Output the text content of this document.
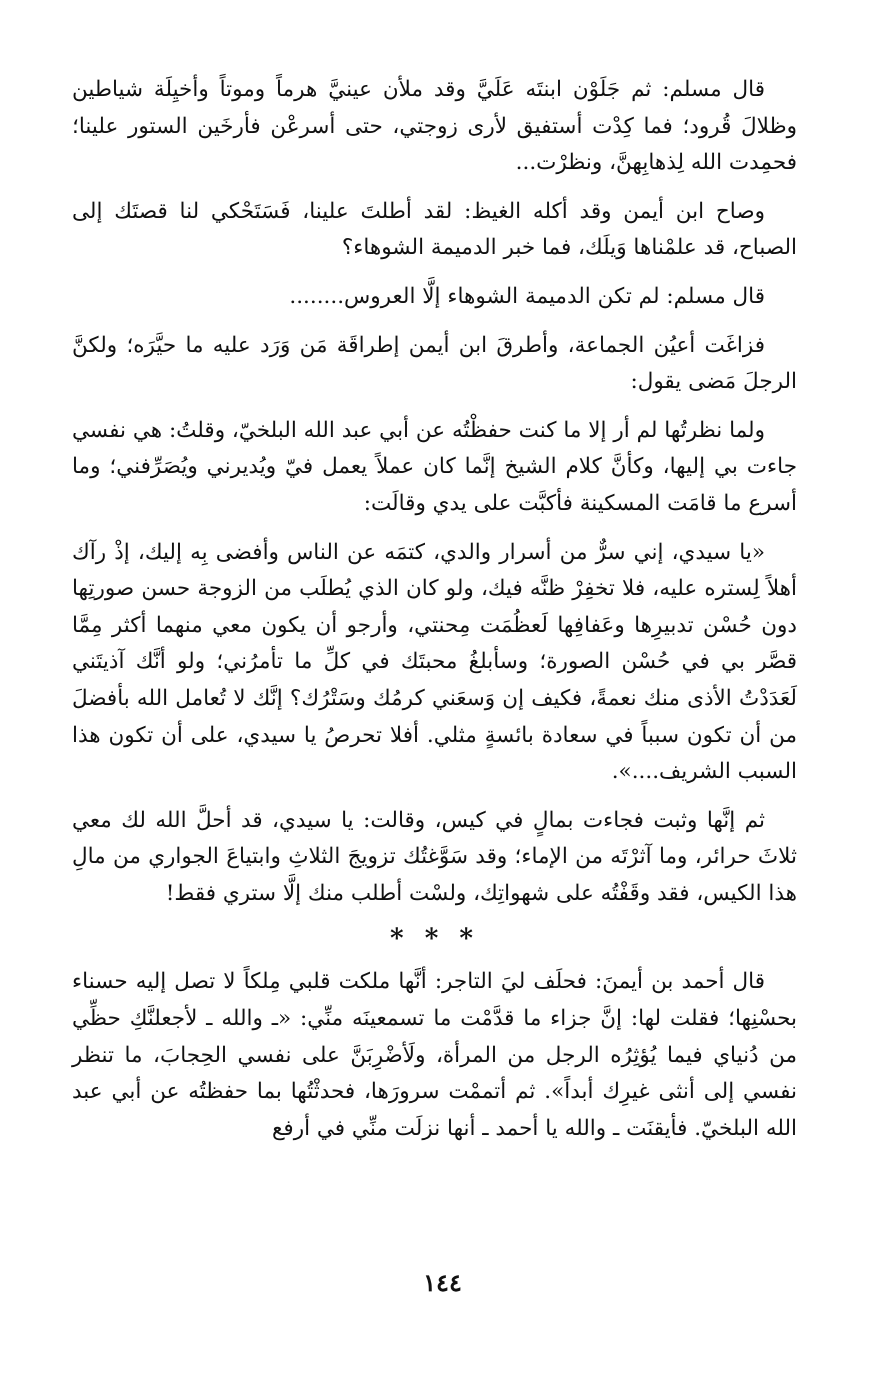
قال مسلم: ثم جَلَوْن ابنتَه عَلَيَّ وقد ملأن عينيَّ هرماً وموتاً وأخيِلَة شياطين وظلالَ قُرود؛ فما كِدْت أستفيق لأرى زوجتي، حتى أسرعْن فأرخَين الستور علينا؛ فحمِدت الله لِذهابِهنَّ، ونظرْت...

وصاح ابن أيمن وقد أكله الغيظ: لقد أطلتَ علينا، فَسَتَحْكي لنا قصتَك إلى الصباح، قد علمْناها وَيلَك، فما خبر الدميمة الشوهاء؟

قال مسلم: لم تكن الدميمة الشوهاء إلَّا العروس........

فزاغَت أعيُن الجماعة، وأطرقَ ابن أيمن إطراقَة مَن وَرَد عليه ما حيَّرَه؛ ولكنَّ الرجلَ مَضى يقول:

ولما نظرتُها لم أر إلا ما كنت حفظْتُه عن أبي عبد الله البلخيّ، وقلتُ: هي نفسي جاءت بي إليها، وكأنَّ كلام الشيخ إنَّما كان عملاً يعمل فيّ ويُديرني ويُصَرِّفني؛ وما أسرع ما قامَت المسكينة فأكبَّت على يدي وقالَت:

«يا سيدي، إني سرٌّ من أسرار والدي، كتمَه عن الناس وأفضى بِه إليك، إذْ رآك أهلاً لِستره عليه، فلا تخفِرْ ظنَّه فيك، ولو كان الذي يُطلَب من الزوجة حسن صورتِها دون حُسْن تدبيرِها وعَفافِها لَعظُمَت مِحنتي، وأرجو أن يكون معي منهما أكثر مِمَّا قصَّر بي في حُسْن الصورة؛ وسأبلغُ محبتَك في كلِّ ما تأمرُني؛ ولو أنَّك آذيتَني لَعَدَدْتُ الأذى منك نعمةً، فكيف إن وَسعَني كرمُك وسَتْرُك؟ إنَّك لا تُعامل الله بأفضلَ من أن تكون سبباً في سعادة بائسةٍ مثلي. أفلا تحرصُ يا سيدي، على أن تكون هذا السبب الشريف....».

ثم إنَّها وثبت فجاءت بمالٍ في كيس، وقالت: يا سيدي، قد أحلَّ الله لك معي ثلاثَ حرائر، وما آثرْتَه من الإماء؛ وقد سَوَّغتُك تزويجَ الثلاثِ وابتياعَ الجواري من مالِ هذا الكيس، فقد وقَفْتُه على شهواتِك، ولسْت أطلب منك إلَّا ستري فقط!

* * *

قال أحمد بن أيمنَ: فحلَف ليَ التاجر: أنَّها ملكت قلبي مِلكاً لا تصل إليه حسناء بحسْنِها؛ فقلت لها: إنَّ جزاء ما قدَّمْت ما تسمعينَه منِّي: «ـ والله ـ لأجعلنَّكِ حظِّي من دُنياي فيما يُؤثِرُه الرجل من المرأة، ولَأضْرِبَنَّ على نفسي الحِجابَ، ما تنظر نفسي إلى أنثى غيرِك أبداً». ثم أتممْت سرورَها، فحدثْتُها بما حفظتُه عن أبي عبد الله البلخيّ. فأيقنَت ـ والله يا أحمد ـ أنها نزلَت منِّي في أرفع

١٤٤
